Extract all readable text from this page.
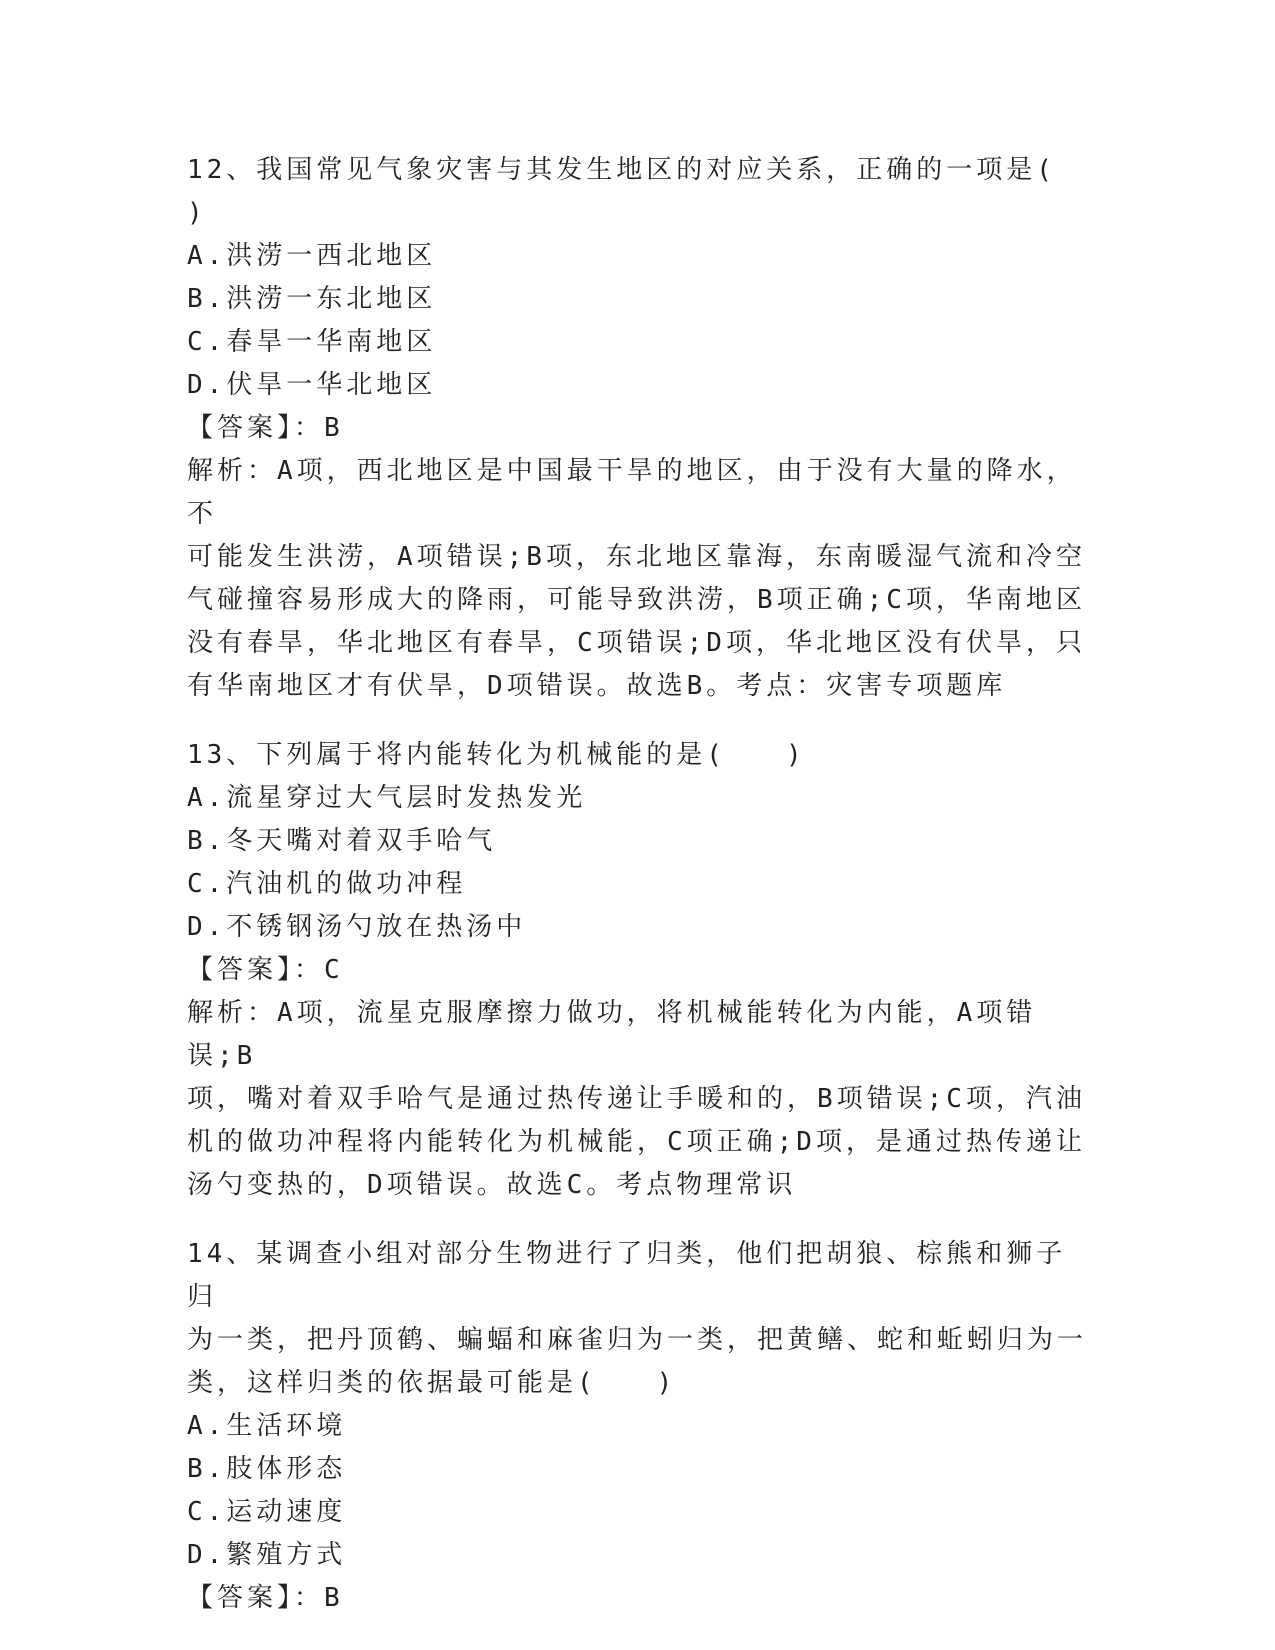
12、我国常见气象灾害与其发生地区的对应关系，正确的一项是(

)

A.洪涝一西北地区

B.洪涝一东北地区

C.春旱一华南地区

D.伏旱一华北地区

【答案】：B

解析：A项，西北地区是中国最干旱的地区，由于没有大量的降水，不

可能发生洪涝，A项错误;B项，东北地区靠海，东南暖湿气流和冷空

气碰撞容易形成大的降雨，可能导致洪涝，B项正确;C项，华南地区

没有春旱，华北地区有春旱，C项错误;D项，华北地区没有伏旱，只

有华南地区才有伏旱，D项错误。故选B。考点：灾害专项题库

13、下列属于将内能转化为机械能的是(　　)

A.流星穿过大气层时发热发光

B.冬天嘴对着双手哈气

C.汽油机的做功冲程

D.不锈钢汤勺放在热汤中

【答案】：C

解析：A项，流星克服摩擦力做功，将机械能转化为内能，A项错误;B

项，嘴对着双手哈气是通过热传递让手暖和的，B项错误;C项，汽油

机的做功冲程将内能转化为机械能，C项正确;D项，是通过热传递让

汤勺变热的，D项错误。故选C。考点物理常识

14、某调查小组对部分生物进行了归类，他们把胡狼、棕熊和狮子归

为一类，把丹顶鹤、蝙蝠和麻雀归为一类，把黄鳝、蛇和蚯蚓归为一

类，这样归类的依据最可能是(　　)

A.生活环境

B.肢体形态

C.运动速度

D.繁殖方式

【答案】：B
